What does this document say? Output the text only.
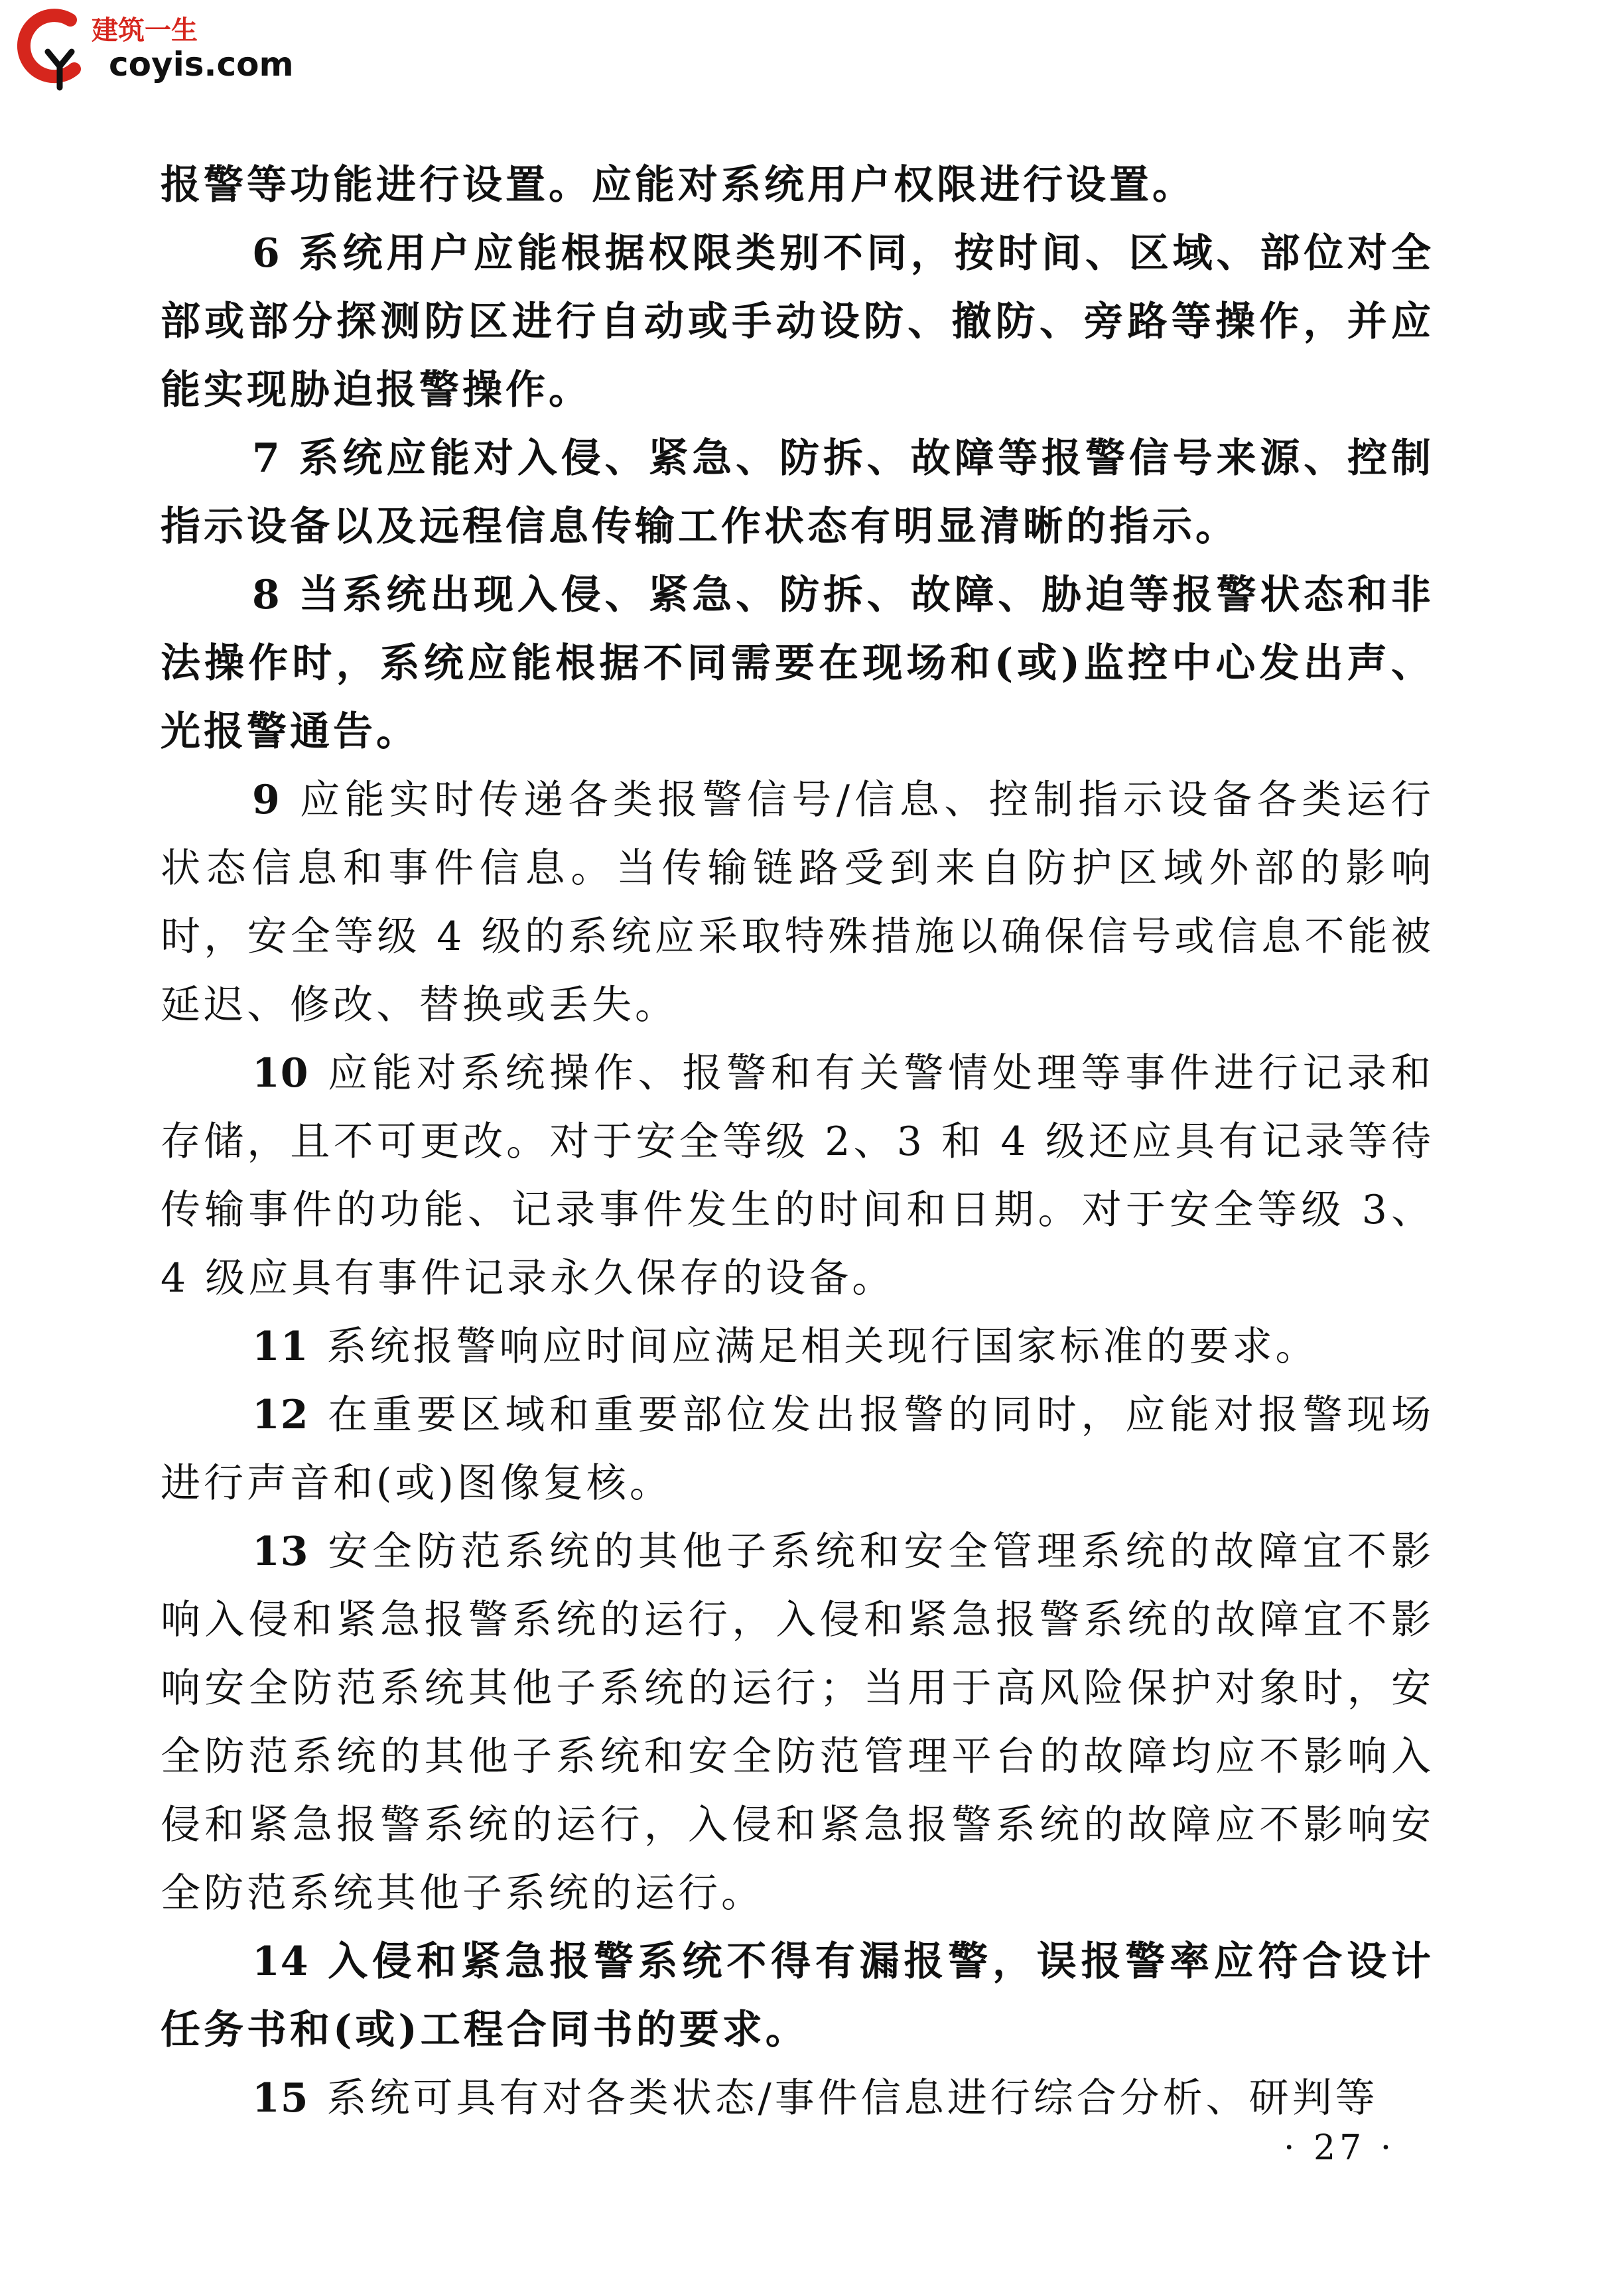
建筑一生
coyis.com

报警等功能进行设置。应能对系统用户权限进行设置。

6 系统用户应能根据权限类别不同，按时间、区域、部位对全部或部分探测防区进行自动或手动设防、撤防、旁路等操作，并应能实现胁迫报警操作。

7 系统应能对入侵、紧急、防拆、故障等报警信号来源、控制指示设备以及远程信息传输工作状态有明显清晰的指示。

8 当系统出现入侵、紧急、防拆、故障、胁迫等报警状态和非法操作时，系统应能根据不同需要在现场和(或)监控中心发出声、光报警通告。

9 应能实时传递各类报警信号/信息、控制指示设备各类运行状态信息和事件信息。当传输链路受到来自防护区域外部的影响时，安全等级 4 级的系统应采取特殊措施以确保信号或信息不能被延迟、修改、替换或丢失。

10 应能对系统操作、报警和有关警情处理等事件进行记录和存储，且不可更改。对于安全等级 2、3 和 4 级还应具有记录等待传输事件的功能、记录事件发生的时间和日期。对于安全等级 3、4 级应具有事件记录永久保存的设备。

11 系统报警响应时间应满足相关现行国家标准的要求。

12 在重要区域和重要部位发出报警的同时，应能对报警现场进行声音和(或)图像复核。

13 安全防范系统的其他子系统和安全管理系统的故障宜不影响入侵和紧急报警系统的运行，入侵和紧急报警系统的故障宜不影响安全防范系统其他子系统的运行；当用于高风险保护对象时，安全防范系统的其他子系统和安全防范管理平台的故障均应不影响入侵和紧急报警系统的运行，入侵和紧急报警系统的故障应不影响安全防范系统其他子系统的运行。

14 入侵和紧急报警系统不得有漏报警，误报警率应符合设计任务书和(或)工程合同书的要求。

15 系统可具有对各类状态/事件信息进行综合分析、研判等

· 27 ·
